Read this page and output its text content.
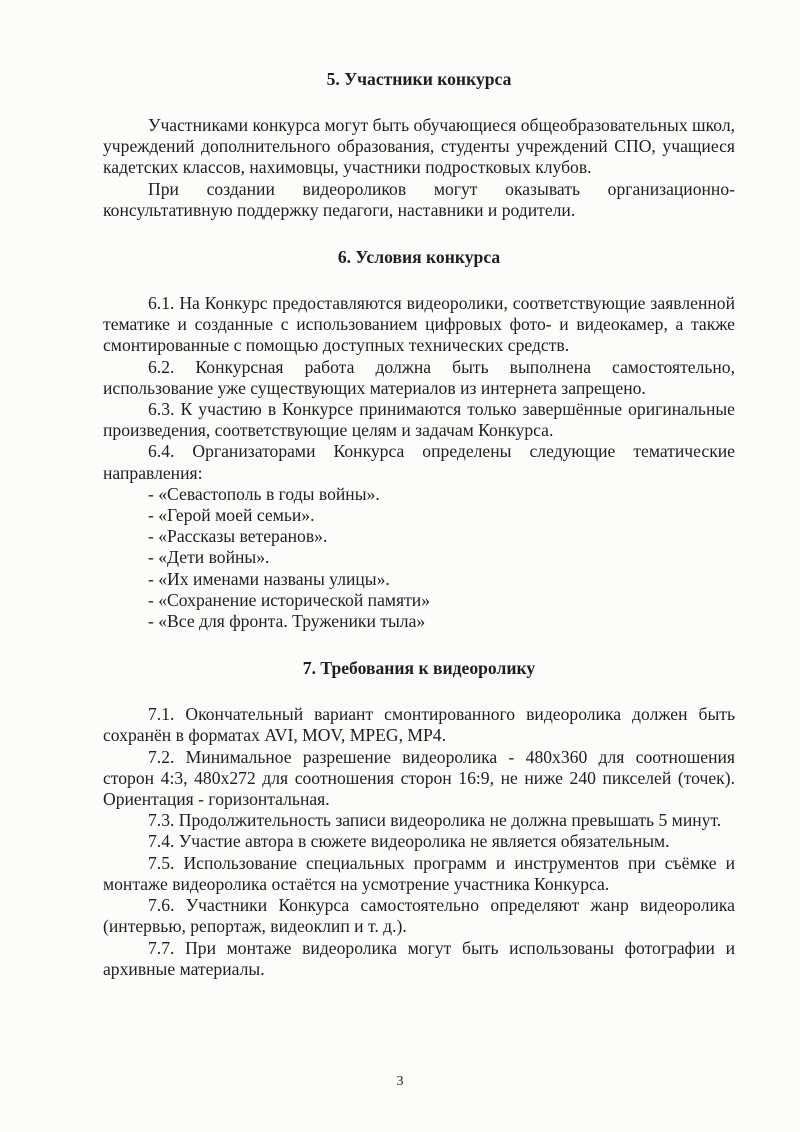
5. Участники конкурса

Участниками конкурса могут быть обучающиеся общеобразовательных школ, учреждений дополнительного образования, студенты учреждений СПО, учащиеся кадетских классов, нахимовцы, участники подростковых клубов.

При создании видеороликов могут оказывать организационно-консультативную поддержку педагоги, наставники и родители.

6. Условия конкурса

6.1. На Конкурс предоставляются видеоролики, соответствующие заявленной тематике и созданные с использованием цифровых фото- и видеокамер, а также смонтированные с помощью доступных технических средств.

6.2. Конкурсная работа должна быть выполнена самостоятельно, использование уже существующих материалов из интернета запрещено.

6.3. К участию в Конкурсе принимаются только завершённые оригинальные произведения, соответствующие целям и задачам Конкурса.

6.4. Организаторами Конкурса определены следующие тематические направления:

- «Севастополь в годы войны».

- «Герой моей семьи».

- «Рассказы ветеранов».

- «Дети войны».

- «Их именами названы улицы».

- «Сохранение исторической памяти»

- «Все для фронта. Труженики тыла»

7. Требования к видеоролику

7.1. Окончательный вариант смонтированного видеоролика должен быть сохранён в форматах AVI, MOV, MPEG, MP4.

7.2. Минимальное разрешение видеоролика - 480x360 для соотношения сторон 4:3, 480x272 для соотношения сторон 16:9, не ниже 240 пикселей (точек). Ориентация - горизонтальная.

7.3. Продолжительность записи видеоролика не должна превышать 5 минут.

7.4. Участие автора в сюжете видеоролика не является обязательным.

7.5. Использование специальных программ и инструментов при съёмке и монтаже видеоролика остаётся на усмотрение участника Конкурса.

7.6. Участники Конкурса самостоятельно определяют жанр видеоролика (интервью, репортаж, видеоклип и т. д.).

7.7. При монтаже видеоролика могут быть использованы фотографии и архивные материалы.

3
